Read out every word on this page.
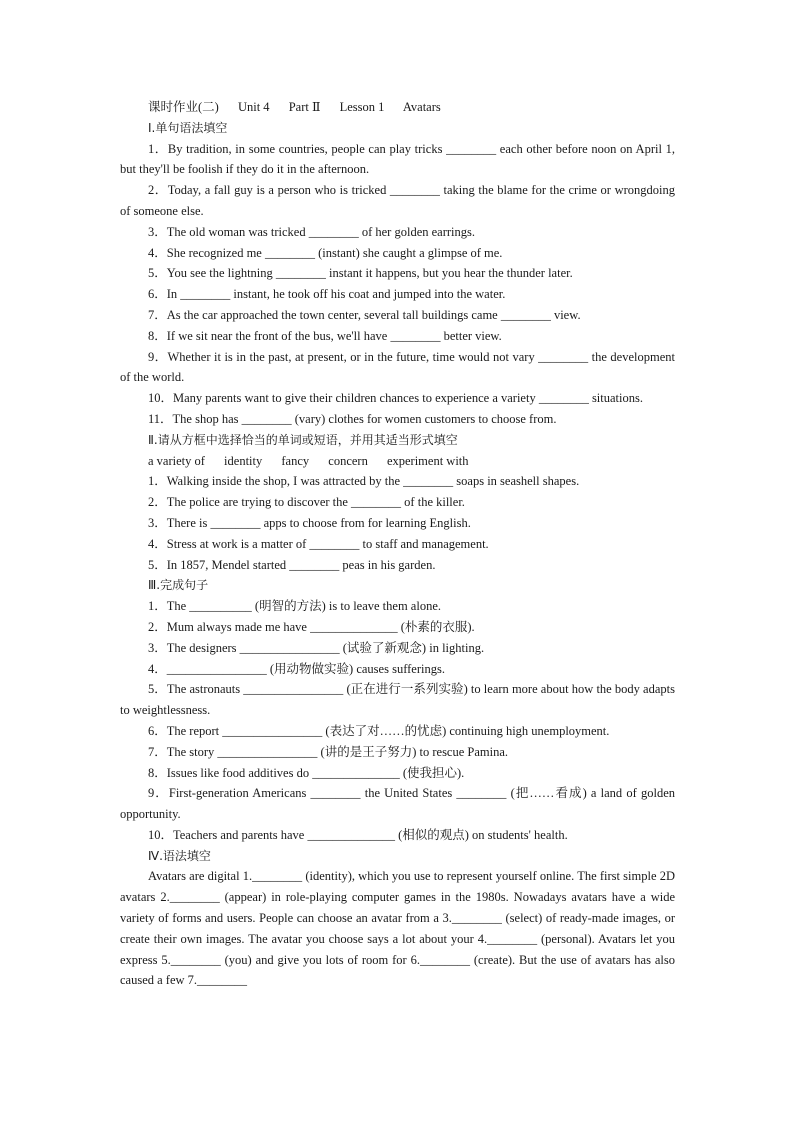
课时作业(二) Unit 4 Part Ⅱ Lesson 1 Avatars
Ⅰ.单句语法填空
1．By tradition, in some countries, people can play tricks ________ each other before noon on April 1, but they'll be foolish if they do it in the afternoon.
2．Today, a fall guy is a person who is tricked ________ taking the blame for the crime or wrongdoing of someone else.
3．The old woman was tricked ________ of her golden earrings.
4．She recognized me ________ (instant) she caught a glimpse of me.
5．You see the lightning ________ instant it happens, but you hear the thunder later.
6．In ________ instant, he took off his coat and jumped into the water.
7．As the car approached the town center, several tall buildings came ________ view.
8．If we sit near the front of the bus, we'll have ________ better view.
9．Whether it is in the past, at present, or in the future, time would not vary ________ the development of the world.
10．Many parents want to give their children chances to experience a variety ________ situations.
11．The shop has ________ (vary) clothes for women customers to choose from.
Ⅱ.请从方框中选择恰当的单词或短语，并用其适当形式填空
a variety of identity fancy concern experiment with
1．Walking inside the shop, I was attracted by the ________ soaps in seashell shapes.
2．The police are trying to discover the ________ of the killer.
3．There is ________ apps to choose from for learning English.
4．Stress at work is a matter of ________ to staff and management.
5．In 1857, Mendel started ________ peas in his garden.
Ⅲ.完成句子
1．The __________ (明智的方法) is to leave them alone.
2．Mum always made me have ______________ (朴素的衣服).
3．The designers ________________ (试验了新观念) in lighting.
4．________________ (用动物做实验) causes sufferings.
5．The astronauts ________________ (正在进行一系列实验) to learn more about how the body adapts to weightlessness.
6．The report ________________ (表达了对……的忧虑) continuing high unemployment.
7．The story ________________ (讲的是王子努力) to rescue Pamina.
8．Issues like food additives do ______________ (使我担心).
9．First-generation Americans ________ the United States ________ (把……看成) a land of golden opportunity.
10．Teachers and parents have ______________ (相似的观点) on students' health.
Ⅳ.语法填空
Avatars are digital 1.________ (identity), which you use to represent yourself online. The first simple 2D avatars 2.________ (appear) in role-playing computer games in the 1980s. Nowadays avatars have a wide variety of forms and users. People can choose an avatar from a 3.________ (select) of ready-made images, or create their own images. The avatar you choose says a lot about your 4.________ (personal). Avatars let you express 5.________ (you) and give you lots of room for 6.________ (create). But the use of avatars has also caused a few 7.________
